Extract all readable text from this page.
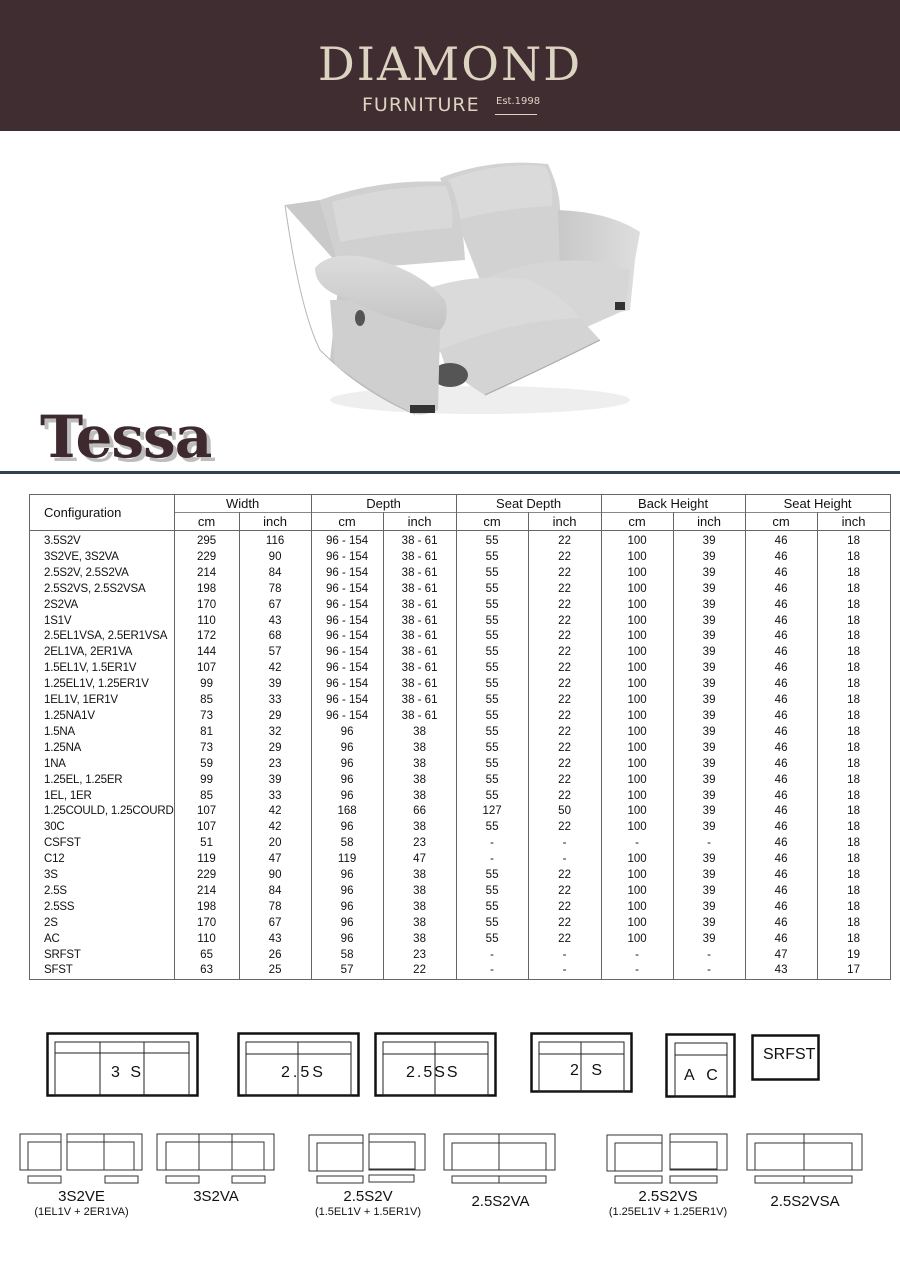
DIAMOND
FURNITURE Est.1998
Tessa
Configuration	Width		Depth		Seat Depth		Back Height		Seat Height	
	cm	inch	cm	inch	cm	inch	cm	inch	cm	inch
3.5S2V	295	116	96 - 154	38 - 61	55	22	100	39	46	18
3S2VE, 3S2VA	229	90	96 - 154	38 - 61	55	22	100	39	46	18
2.5S2V, 2.5S2VA	214	84	96 - 154	38 - 61	55	22	100	39	46	18
2.5S2VS, 2.5S2VSA	198	78	96 - 154	38 - 61	55	22	100	39	46	18
2S2VA	170	67	96 - 154	38 - 61	55	22	100	39	46	18
1S1V	110	43	96 - 154	38 - 61	55	22	100	39	46	18
2.5EL1VSA, 2.5ER1VSA	172	68	96 - 154	38 - 61	55	22	100	39	46	18
2EL1VA, 2ER1VA	144	57	96 - 154	38 - 61	55	22	100	39	46	18
1.5EL1V, 1.5ER1V	107	42	96 - 154	38 - 61	55	22	100	39	46	18
1.25EL1V, 1.25ER1V	99	39	96 - 154	38 - 61	55	22	100	39	46	18
1EL1V, 1ER1V	85	33	96 - 154	38 - 61	55	22	100	39	46	18
1.25NA1V	73	29	96 - 154	38 - 61	55	22	100	39	46	18
1.5NA	81	32	96	38	55	22	100	39	46	18
1.25NA	73	29	96	38	55	22	100	39	46	18
1NA	59	23	96	38	55	22	100	39	46	18
1.25EL, 1.25ER	99	39	96	38	55	22	100	39	46	18
1EL, 1ER	85	33	96	38	55	22	100	39	46	18
1.25COULD, 1.25COURD	107	42	168	66	127	50	100	39	46	18
30C	107	42	96	38	55	22	100	39	46	18
CSFST	51	20	58	23	-	-	-	-	46	18
C12	119	47	119	47	-	-	100	39	46	18
3S	229	90	96	38	55	22	100	39	46	18
2.5S	214	84	96	38	55	22	100	39	46	18
2.5SS	198	78	96	38	55	22	100	39	46	18
2S	170	67	96	38	55	22	100	39	46	18
AC	110	43	96	38	55	22	100	39	46	18
SRFST	65	26	58	23	-	-	-	-	47	19
SFST	63	25	57	22	-	-	-	-	43	17
3 S	2.5S	2.5SS	2 S	A C
SRFST
3S2VE
(1EL1V + 2ER1VA)
3S2VA	2.5S2V
(1.5EL1V + 1.5ER1V)
2.5S2VA	2.5S2VS
(1.25EL1V + 1.25ER1V)
2.5S2VSA
